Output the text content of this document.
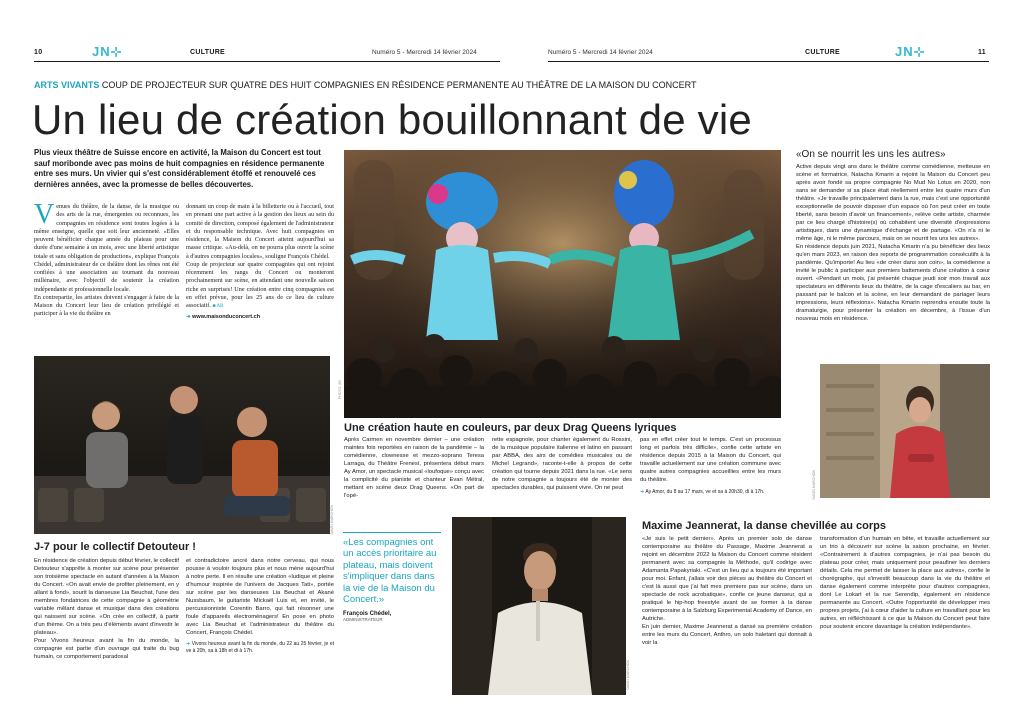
10	JN⊹	CULTURE	Numéro 5 - Mercredi 14 février 2024	Numéro 5 - Mercredi 14 février 2024	CULTURE	JN⊹	11
ARTS VIVANTS COUP DE PROJECTEUR SUR QUATRE DES HUIT COMPAGNIES EN RÉSIDENCE PERMANENTE AU THÉÂTRE DE LA MAISON DU CONCERT
Un lieu de création bouillonnant de vie
Plus vieux théâtre de Suisse encore en activité, la Maison du Concert est tout sauf moribonde avec pas moins de huit compagnies en résidence permanente entre ses murs. Un vivier qui s'est considérablement étoffé et renouvelé ces dernières années, avec la promesse de belles découvertes.
V enues du théâtre, de la danse, de la musique ou des arts de la rue, émergentes ou reconnues, les compagnies en résidence sont toutes logées à la même enseigne, quelle que soit leur ancienneté. «Elles peuvent bénéficier chaque année du plateau pour une durée d'une semaine à un mois, avec une liberté artistique totale et sans obligation de production», explique François Chédel, administrateur de ce théâtre dont les rênes ont été confiées à une association au tournant du nouveau millénaire, avec l'objectif de soutenir la création indépendante et professionnelle locale.
En contrepartie, les artistes doivent s'engager à faire de la Maison du Concert leur lieu de création privilégié et participer à la vie du théâtre en
donnant un coup de main à la billetterie ou à l'accueil, tout en prenant une part active à la gestion des lieux au sein du comité de direction, composé également de l'administrateur et du responsable technique. Avec huit compagnies en résidence, la Maison du Concert atteint aujourd'hui sa masse critique. «Au-delà, on ne pourra plus ouvrir la scène à d'autres compagnies locales», souligne François Chédel.
Coup de projecteur sur quatre compagnies qui ont rejoint récemment les rangs du Concert ou monteront prochainement sur scène, en attendant une nouvelle saison riche en surprises! Une création entre cinq compagnies est en effet prévue, pour les 25 ans de ce lieu de culture associatif. ■ AR
➜ www.maisonduconcert.ch
DAVID MARCHON
J-7 pour le collectif Detouteur !
En résidence de création depuis début février, le collectif Detouteur s'apprête à monter sur scène pour présenter son troisième spectacle en autant d'années à la Maison du Concert. «On avait envie de profiter pleinement, en y allant à fond», sourit la danseuse Lia Beuchat, l'une des membres fondatrices de cette compagnie à géométrie variable mêlant danse et musique dans des créations qui naissent sur scène. «On crée en collectif, à partir d'un thème. On a très peu d'éléments avant d'investir le plateau».
Pour Vivons heureux avant la fin du monde, la compagnie est partie d'un ouvrage qui traite du bug humain, ce comportement paradoxal
et contradictoire ancré dans notre cerveau, qui nous pousse à vouloir toujours plus et nous mène aujourd'hui à notre perte. Il en résulte une création «ludique et pleine d'humour inspirée de l'univers de Jacques Tati», portée sur scène par les danseuses Lia Beuchat et Akané Nussbaum, le guitariste Mickaël Luis et, en invité, le percussionniste Corentin Barro, qui fait résonner une foule d'appareils électroménagers! En pose en photo avec Lia Beuchat et l'administrateur du théâtre du Concert, François Chédel.
➜ Vivons heureux avant la fin du monde, du 22 au 25 février, je et ve à 20h, sa à 18h et di à 17h.
PHOTO: AR
Une création haute en couleurs, par deux Drag Queens lyriques
Après Carmen en novembre dernier – une création maintes fois reportées en raison de la pandémie – la comédienne, clownesse et mezzo-soprano Teresa Larraga, du Théâtre Frenesí, présentera début mars Ay Amor, un spectacle musical «loufoque» conçu avec la complicité du pianiste et chanteur Evan Métral, mettant en scène deux Drag Queens. «On part de l'opé-
rette espagnole, pour chanter également du Rossini, de la musique populaire italienne et latino en passant par ABBA, des airs de comédies musicales ou de Michel Legrand», raconte-t-elle à propos de cette création qui tourne depuis 2021 dans la rue. «Le sens de notre compagnie a toujours été de monter des spectacles durables, qui puissent vivre. On ne peut
pas en effet créer tout le temps. C'est un processus long et parfois très difficile», confie cette artiste en résidence depuis 2015 à la Maison du Concert, qui travaille actuellement sur une création commune avec quatre autres compagnies accueillies entre les murs du théâtre.
➜ Ay Amor, du 8 au 17 mars, ve et sa à 20h30, di à 17h.
«Les compagnies ont un accès prioritaire au plateau, mais doivent s'impliquer dans dans la vie de la Maison du Concert.»
François Chédel,
ADMINISTRATEUR
DAVID MARCHON
Maxime Jeannerat, la danse chevillée au corps
«Je suis le petit dernier». Après un premier solo de danse contemporaine au théâtre du Passage, Maxime Jeannerat a rejoint en décembre 2022 la Maison du Concert comme résident permanent avec sa compagnie la Méthode, qu'il codirige avec Adamanta Papakyriaki. «C'est un lieu qui a toujours été important pour moi. Enfant, j'allais voir des pièces au théâtre du Concert et c'est là aussi que j'ai fait mes premiers pas sur scène, dans un spectacle de rock acrobatique», confie ce jeune danseur, qui a pratiqué le hip-hop freestyle avant de se former à la danse contemporaine à la Salzburg Experimental Academy of Dance, en Autriche.
En juin dernier, Maxime Jeannerat a dansé sa première création entre les murs du Concert, Anthro, un solo haletant qui donnait à voir la
transformation d'un humain en bête, et travaille actuellement sur un trio à découvrir sur scène la saison prochaine, en février. «Contrairement à d'autres compagnies, je n'ai pas besoin du plateau pour créer, mais uniquement pour peaufiner les derniers détails. Cela me permet de laisser la place aux autres», confie le chorégraphe, qui s'investit beaucoup dans la vie du théâtre et danse également comme interprète pour d'autres compagnies, dont Le Lokart et la rue Serendip, également en résidence permanente au Concert. «Outre l'opportunité de développer mes propres projets, j'ai à cœur d'aider la culture en travaillant pour les autres, en réfléchissant à ce que la Maison du Concert peut faire pour soutenir encore davantage la création indépendante».
«On se nourrit les uns les autres»
Active depuis vingt ans dans le théâtre comme comédienne, metteuse en scène et formatrice, Natacha Kmarin a rejoint la Maison du Concert peu après avoir fondé sa propre compagnie No Mud No Lotus en 2020, non sans se demander si sa place était réellement entre les quatre murs d'un théâtre. «Je travaille principalement dans la rue, mais c'est une opportunité exceptionnelle de pouvoir disposer d'un espace où l'on peut créer en toute liberté, sans besoin d'avoir un financement», relève cette artiste, charmée par ce lieu chargé d'histoire(s) où cohabitent une diversité d'expressions artistiques, dans une dynamique d'échange et de partage. «On n'a ni le même âge, ni le même parcours, mais on se nourrit les uns les autres».
En résidence depuis juin 2021, Natacha Kmarin n'a pu bénéficier des lieux qu'en mars 2023, en raison des reports de programmation consécutifs à la pandémie. Qu'importe! Au lieu «de créer dans son coin», la comédienne a invité le public à participer aux premiers battements d'une création à cœur ouvert. «Pendant un mois, j'ai présenté chaque jeudi soir mon travail aux spectateurs en différents lieux du théâtre, de la cage d'escaliers au bar, en passant par le balcon et la scène, en leur demandant de partager leurs impressions, leurs réflexions». Natacha Kmarin reprendra ensuite toute la dramaturgie, pour présenter la création en décembre, à l'issue d'un nouveau mois en résidence.
DAVID MARCHON
